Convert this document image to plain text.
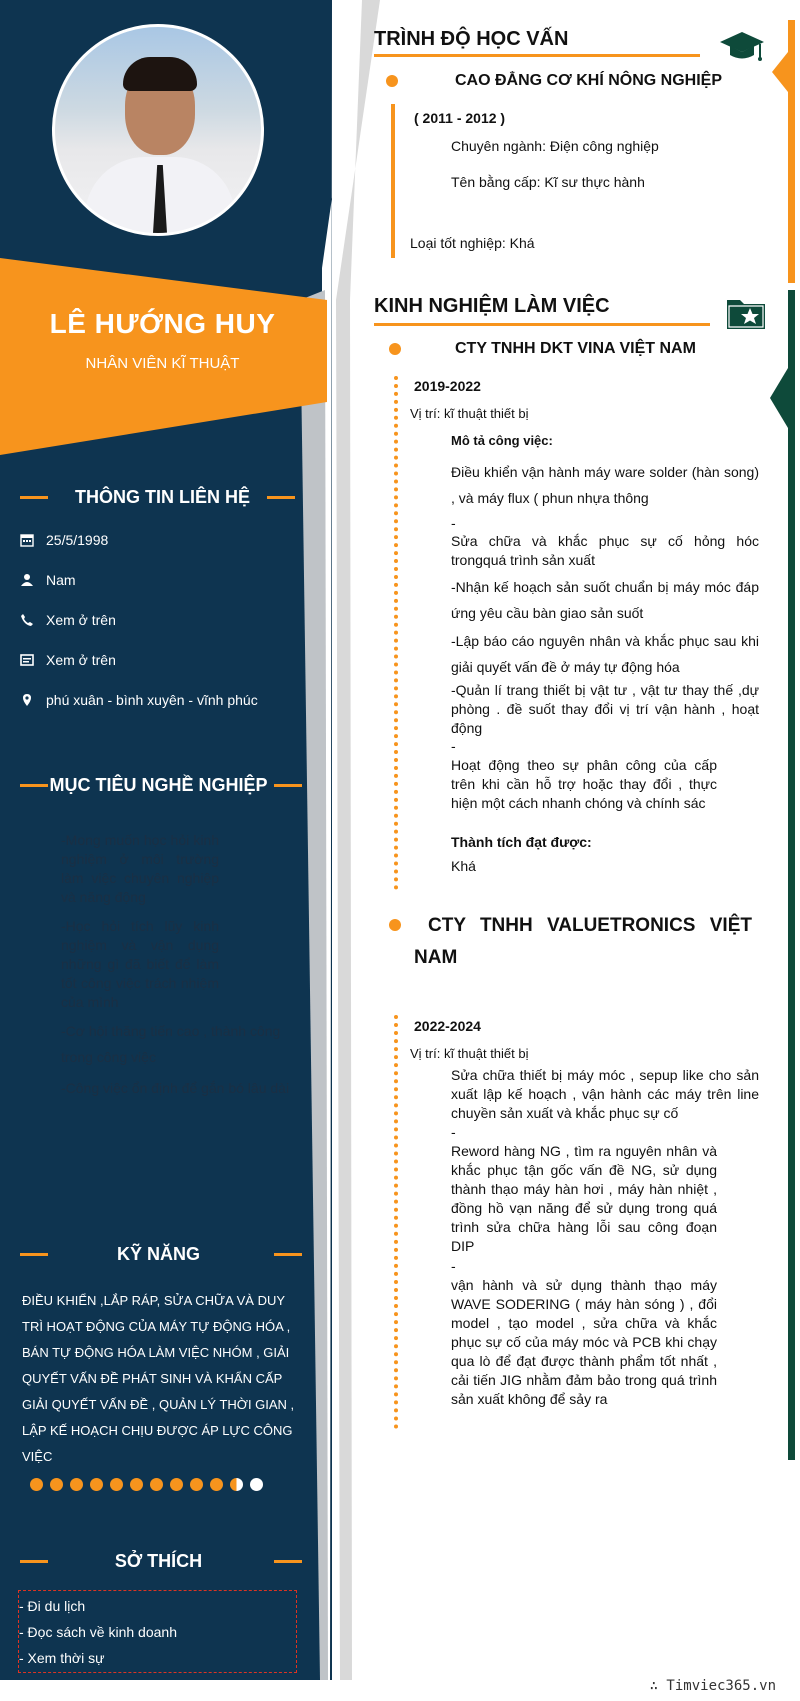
LÊ HƯỚNG HUY
NHÂN VIÊN KĨ THUẬT
THÔNG TIN LIÊN HỆ
25/5/1998
Nam
Xem ở trên
Xem ở trên
phú xuân - bình xuyên - vĩnh phúc
MỤC TIÊU NGHỀ NGHIỆP
-Mong muốn học hỏi kinh nghiệm ở môi trường làm việc chuyên nghiệp và năng động
-Học hỏi tích lũy kinh nghiệm và vận dụng những gì đã biết để làm tốt công việc trách nhiệm của mình
-Cơ hội thăng tiến cao , thành công trong công việc
-Công việc ổn định để gắn bó lâu dài
KỸ NĂNG
ĐIỀU KHIỂN ,LẮP RÁP, SỬA CHỮA VÀ DUY TRÌ HOẠT ĐỘNG CỦA MÁY TỰ ĐỘNG HÓA , BÁN TỰ ĐỘNG HÓA LÀM VIỆC NHÓM , GIẢI QUYẾT VẤN ĐỀ PHÁT SINH VÀ KHẨN CẤP GIẢI QUYẾT VẤN ĐỀ , QUẢN LÝ THỜI GIAN , LẬP KẾ HOẠCH CHỊU ĐƯỢC ÁP LỰC CÔNG VIỆC
SỞ THÍCH
- Đi du lịch
- Đọc sách về kinh doanh
- Xem thời sự
TRÌNH ĐỘ HỌC VẤN
CAO ĐẲNG CƠ KHÍ NÔNG NGHIỆP
( 2011 - 2012 )
Chuyên ngành: Điện công nghiệp
Tên bằng cấp: Kĩ sư thực hành
Loại tốt nghiệp: Khá
KINH NGHIỆM LÀM VIỆC
CTY TNHH DKT VINA VIỆT NAM
2019-2022
Vị trí: kĩ thuật thiết bị
Mô tả công việc:
Điều khiển vận hành máy ware solder (hàn song) , và máy flux ( phun nhựa thông
-
Sửa chữa và khắc phục sự cố hỏng hóc trongquá trình sản xuất
-Nhận kế hoạch sản suốt chuẩn bị máy móc đáp ứng yêu cầu bàn giao sản suốt
-Lập báo cáo nguyên nhân và khắc phục sau khi giải quyết vấn đề ở máy tự động hóa
-Quản lí trang thiết bị vật tư , vật tư thay thế ,dự phòng . đề suốt thay đổi vị trí vận hành , hoạt động
-
Hoạt động theo sự phân công của cấp trên khi cần hỗ trợ hoặc thay đổi , thực hiện một cách nhanh chóng và chính sác
Thành tích đạt được:
Khá
CTY TNHH VALUETRONICS VIỆT NAM
2022-2024
Vị trí: kĩ thuật thiết bị
Sửa chữa thiết bị máy móc , sepup like cho sản xuất lập kế hoạch , vận hành các máy trên line chuyền sản xuất và khắc phục sự cố
-
Reword hàng NG , tìm ra nguyên nhân và khắc phục tận gốc vấn đề NG, sử dụng thành thạo máy hàn hơi , máy hàn nhiệt , đồng hồ vạn năng để sử dụng trong quá trình sửa chữa hàng lỗi sau công đoạn DIP
-
vận hành và sử dụng thành thạo máy WAVE SODERING ( máy hàn sóng ) , đổi model , tạo model , sửa chữa và khắc phục sự cố của máy móc và PCB khi chạy qua lò để đạt được thành phẩm tốt nhất , cải tiến JIG nhằm đảm bảo trong quá trình sản xuất không để sảy ra
∴ Timviec365.vn
